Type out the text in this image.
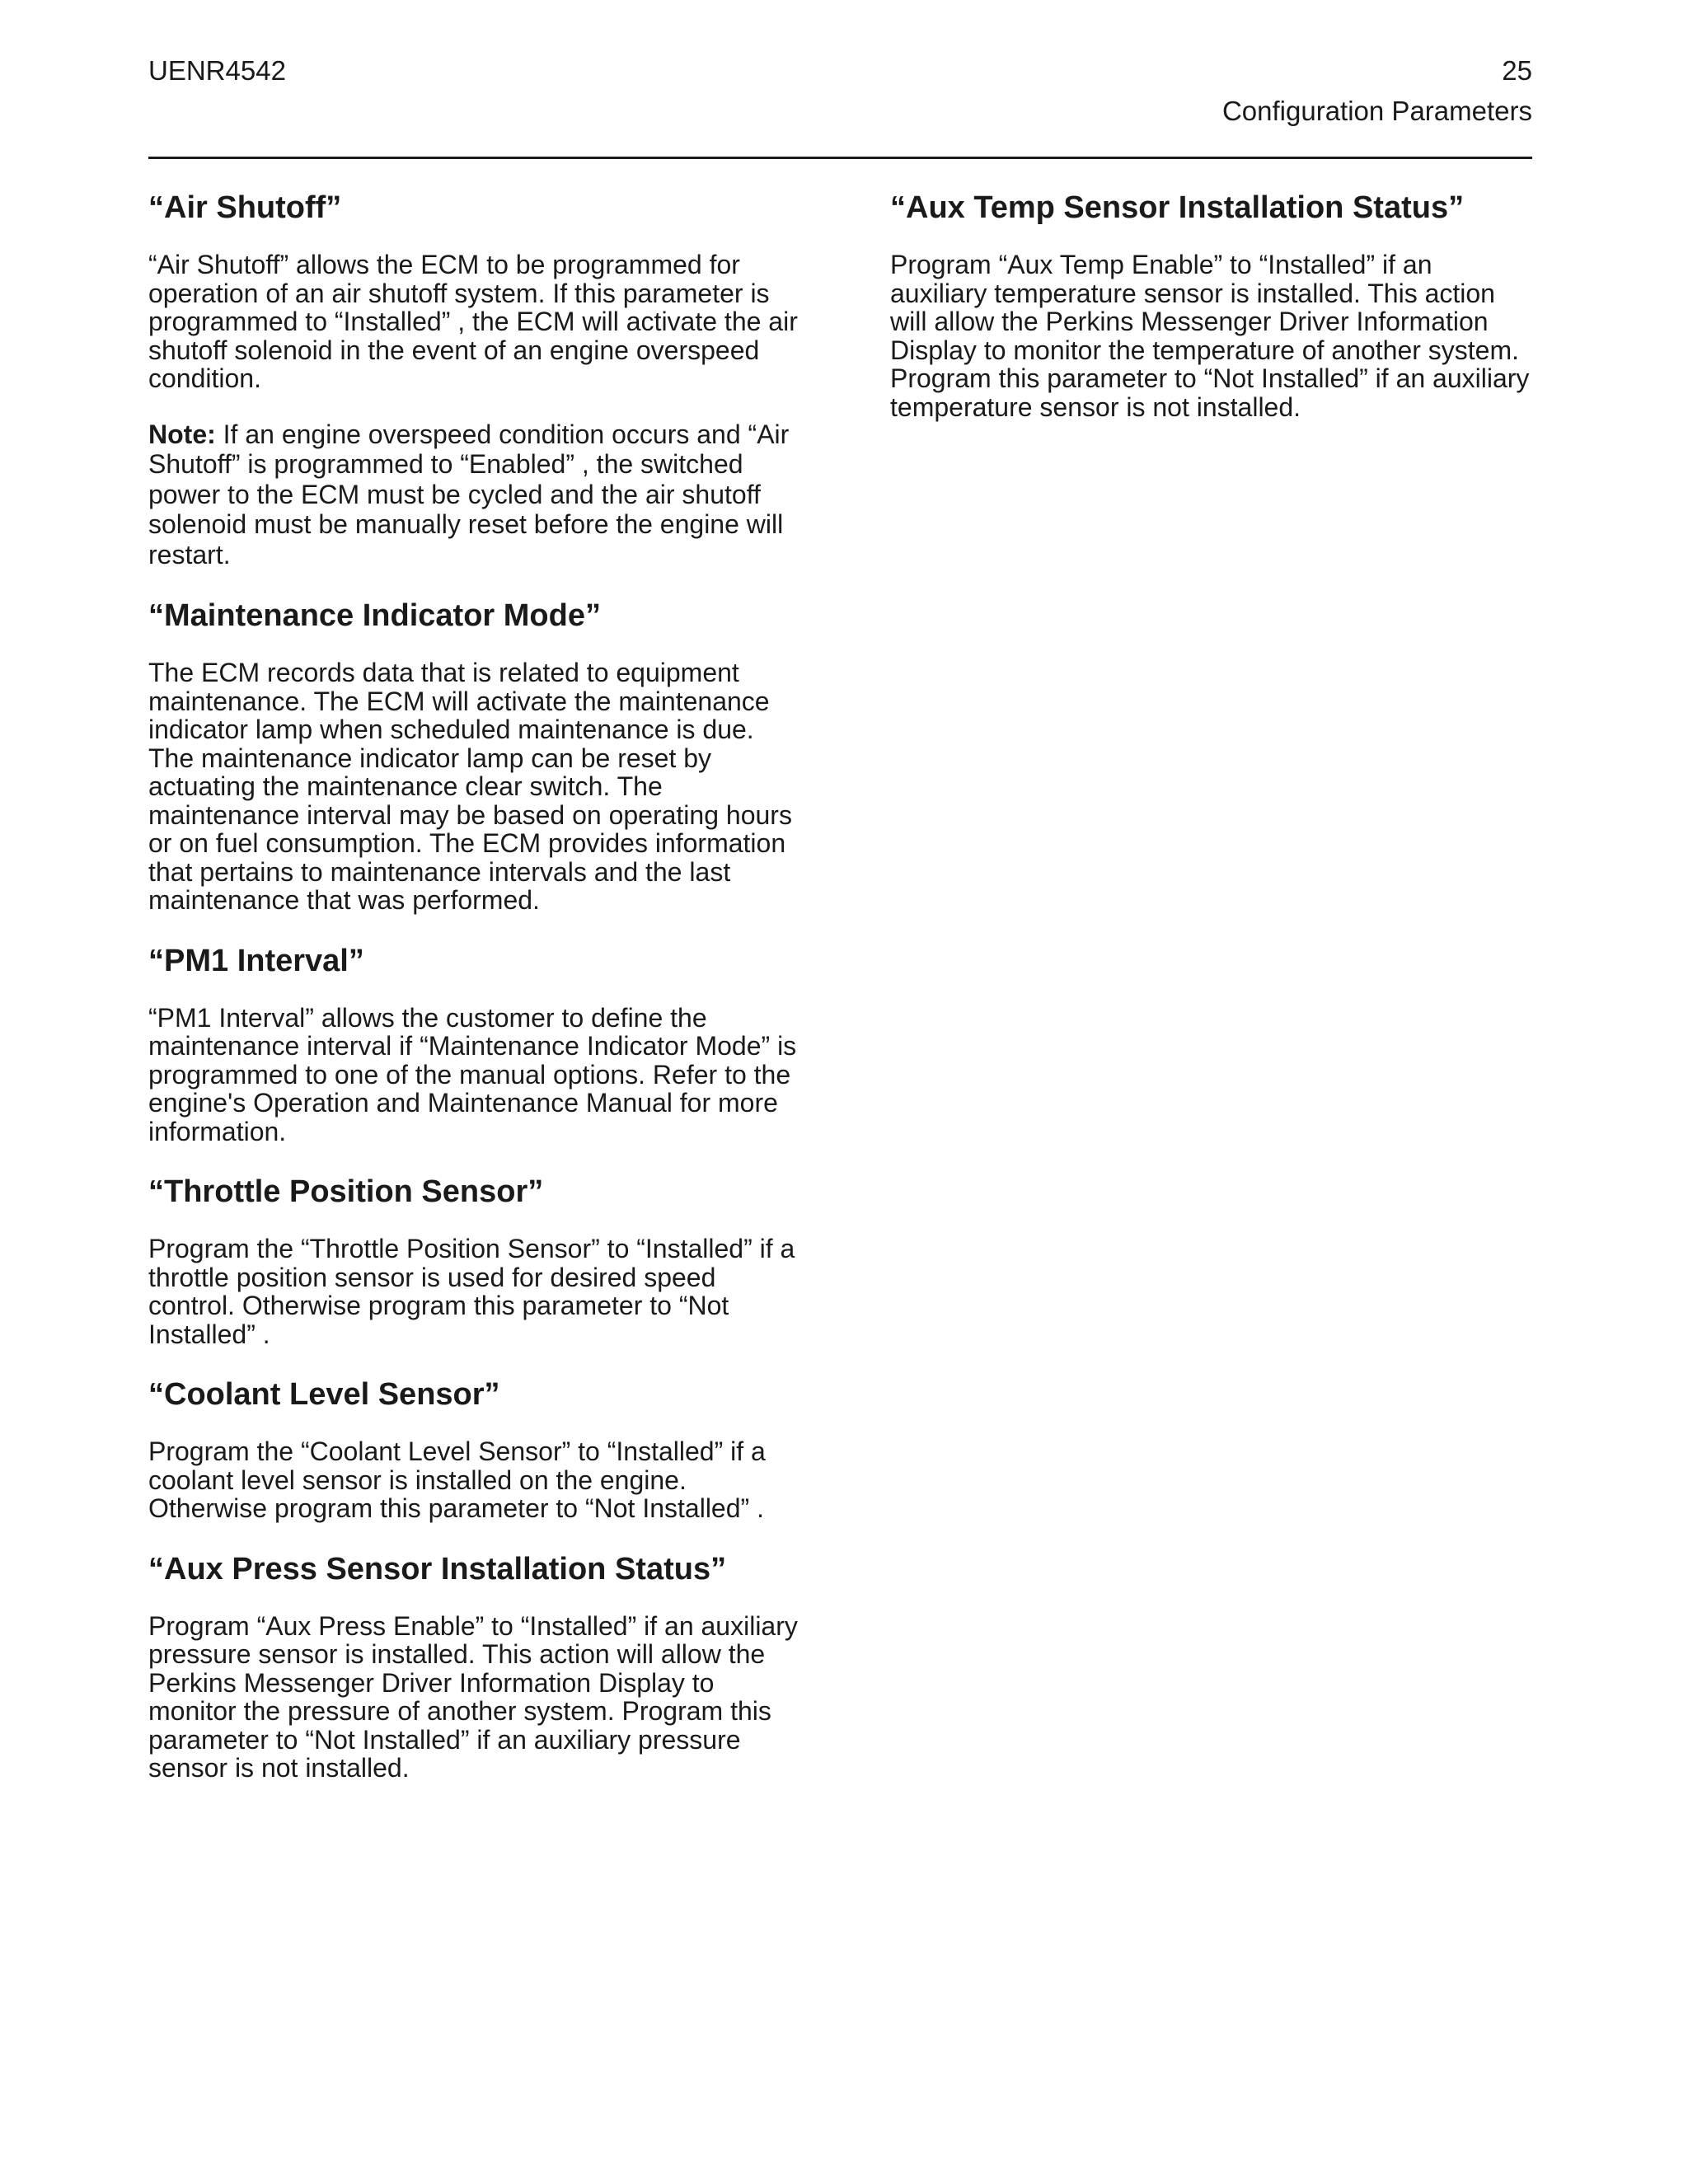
UENR4542	25
Configuration Parameters
“Air Shutoff”

“Air Shutoff” allows the ECM to be programmed for operation of an air shutoff system. If this parameter is programmed to “Installed” , the ECM will activate the air shutoff solenoid in the event of an engine overspeed condition.

Note: If an engine overspeed condition occurs and “Air Shutoff” is programmed to “Enabled” , the switched power to the ECM must be cycled and the air shutoff solenoid must be manually reset before the engine will restart.

“Maintenance Indicator Mode”

The ECM records data that is related to equipment maintenance. The ECM will activate the maintenance indicator lamp when scheduled maintenance is due. The maintenance indicator lamp can be reset by actuating the maintenance clear switch. The maintenance interval may be based on operating hours or on fuel consumption. The ECM provides information that pertains to maintenance intervals and the last maintenance that was performed.

“PM1 Interval”

“PM1 Interval” allows the customer to define the maintenance interval if “Maintenance Indicator Mode” is programmed to one of the manual options. Refer to the engine's Operation and Maintenance Manual for more information.

“Throttle Position Sensor”

Program the “Throttle Position Sensor” to “Installed” if a throttle position sensor is used for desired speed control. Otherwise program this parameter to “Not Installed” .

“Coolant Level Sensor”

Program the “Coolant Level Sensor” to “Installed” if a coolant level sensor is installed on the engine. Otherwise program this parameter to “Not Installed” .

“Aux Press Sensor Installation Status”

Program “Aux Press Enable” to “Installed” if an auxiliary pressure sensor is installed. This action will allow the Perkins Messenger Driver Information Display to monitor the pressure of another system. Program this parameter to “Not Installed” if an auxiliary pressure sensor is not installed.

“Aux Temp Sensor Installation Status”

Program “Aux Temp Enable” to “Installed” if an auxiliary temperature sensor is installed. This action will allow the Perkins Messenger Driver Information Display to monitor the temperature of another system. Program this parameter to “Not Installed” if an auxiliary temperature sensor is not installed.
